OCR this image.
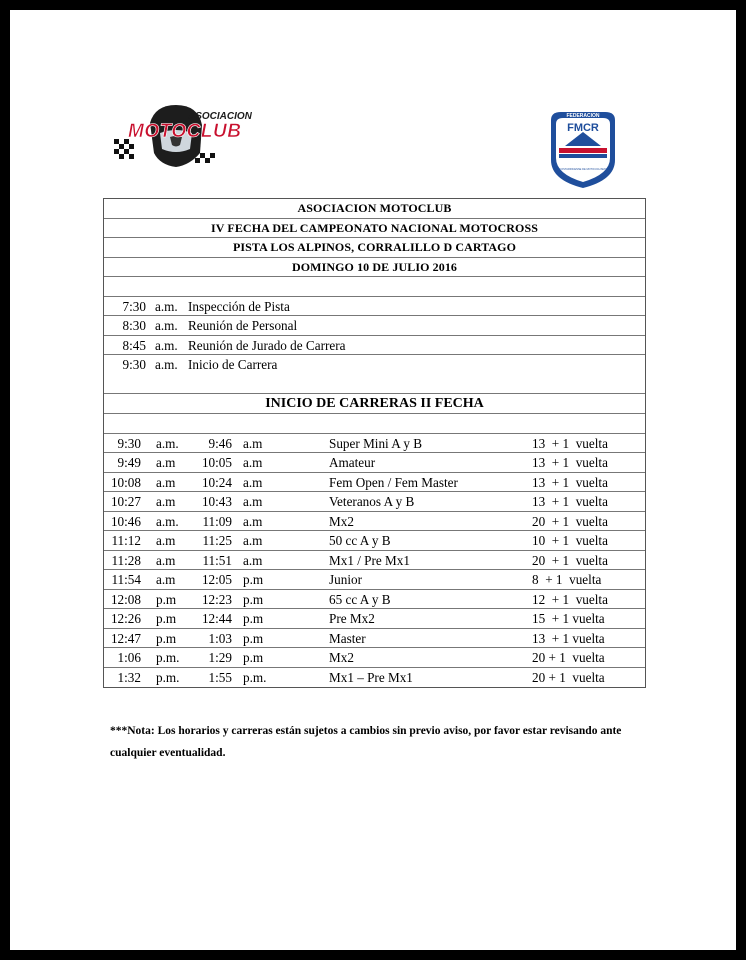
ASOCIACION
MOTOCLUB
FEDERACION
FMCR
COSTARRICENSE DE MOTOCICLISMO
ASOCIACION MOTOCLUB
IV FECHA DEL CAMPEONATO NACIONAL MOTOCROSS
PISTA LOS ALPINOS, CORRALILLO D CARTAGO
DOMINGO 10 DE JULIO 2016
7:30 a.m. Inspección de Pista
8:30 a.m. Reunión de Personal
8:45 a.m. Reunión de Jurado de Carrera
9:30 a.m. Inicio de Carrera
INICIO DE CARRERAS II FECHA
9:30 a.m. 9:46 a.m	Super Mini A y B	13  + 1  vuelta
9:49 a.m 10:05 a.m	Amateur	13  + 1  vuelta
10:08 a.m 10:24 a.m	Fem Open / Fem Master	13  + 1  vuelta
10:27 a.m 10:43 a.m	Veteranos A y B	13  + 1  vuelta
10:46 a.m. 11:09 a.m	Mx2	20  + 1  vuelta
11:12 a.m 11:25 a.m	50 cc A y B	10  + 1  vuelta
11:28 a.m 11:51 a.m	Mx1 / Pre Mx1	20  + 1  vuelta
11:54 a.m 12:05 p.m	Junior	8  + 1  vuelta
12:08 p.m 12:23 p.m	65 cc A y B	12  + 1  vuelta
12:26 p.m 12:44 p.m	Pre Mx2	15  + 1 vuelta
12:47 p.m 1:03 p.m	Master	13  + 1 vuelta
1:06 p.m. 1:29 p.m	Mx2	20 + 1  vuelta
1:32 p.m. 1:55 p.m.	Mx1 – Pre Mx1	20 + 1  vuelta
***Nota: Los horarios y carreras están sujetos a cambios sin previo aviso, por favor estar revisando ante cualquier eventualidad.
